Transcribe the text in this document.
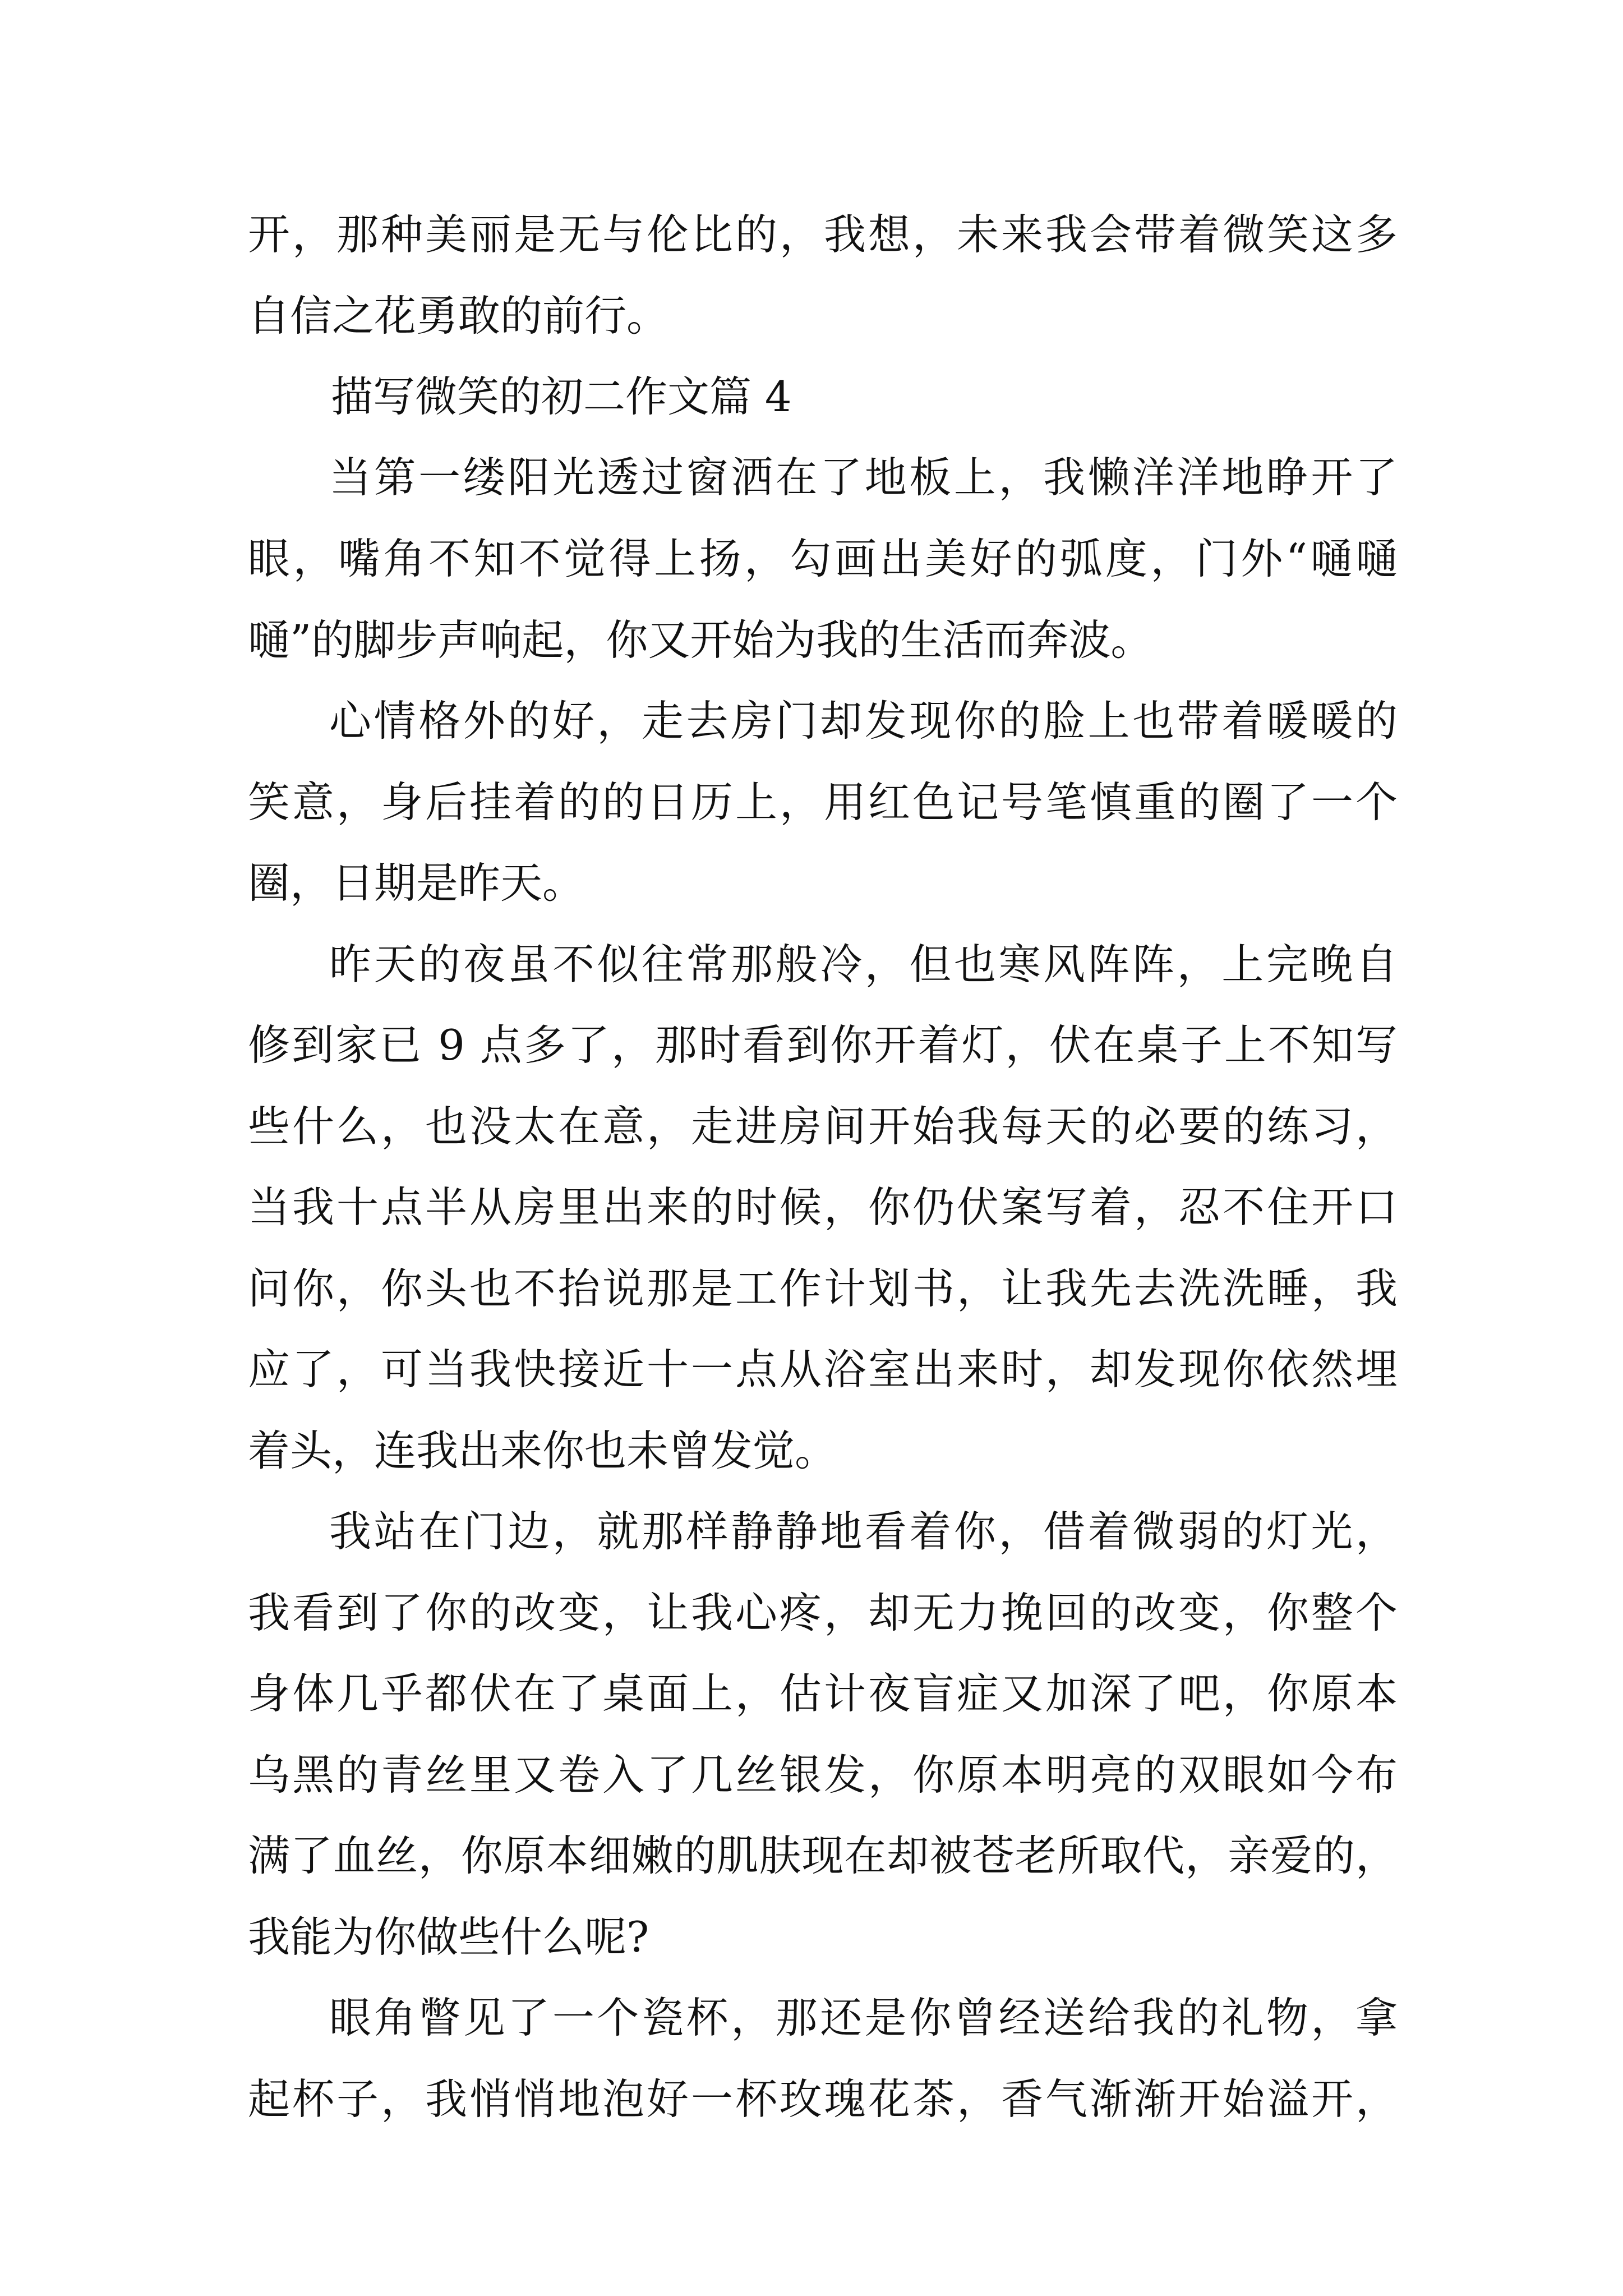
开，那种美丽是无与伦比的，我想，未来我会带着微笑这多
自信之花勇敢的前行。
描写微笑的初二作文篇 4
当第一缕阳光透过窗洒在了地板上，我懒洋洋地睁开了
眼，嘴角不知不觉得上扬，勾画出美好的弧度，门外“嗵嗵
嗵”的脚步声响起，你又开始为我的生活而奔波。
心情格外的好，走去房门却发现你的脸上也带着暖暖的
笑意，身后挂着的的日历上，用红色记号笔慎重的圈了一个
圈，日期是昨天。
昨天的夜虽不似往常那般冷，但也寒风阵阵，上完晚自
修到家已 9 点多了，那时看到你开着灯，伏在桌子上不知写
些什么，也没太在意，走进房间开始我每天的必要的练习，
当我十点半从房里出来的时候，你仍伏案写着，忍不住开口
问你，你头也不抬说那是工作计划书，让我先去洗洗睡，我
应了，可当我快接近十一点从浴室出来时，却发现你依然埋
着头，连我出来你也未曾发觉。
我站在门边，就那样静静地看着你，借着微弱的灯光，
我看到了你的改变，让我心疼，却无力挽回的改变，你整个
身体几乎都伏在了桌面上，估计夜盲症又加深了吧，你原本
乌黑的青丝里又卷入了几丝银发，你原本明亮的双眼如今布
满了血丝，你原本细嫩的肌肤现在却被苍老所取代，亲爱的，
我能为你做些什么呢?
眼角瞥见了一个瓷杯，那还是你曾经送给我的礼物，拿
起杯子，我悄悄地泡好一杯玫瑰花茶，香气渐渐开始溢开，
